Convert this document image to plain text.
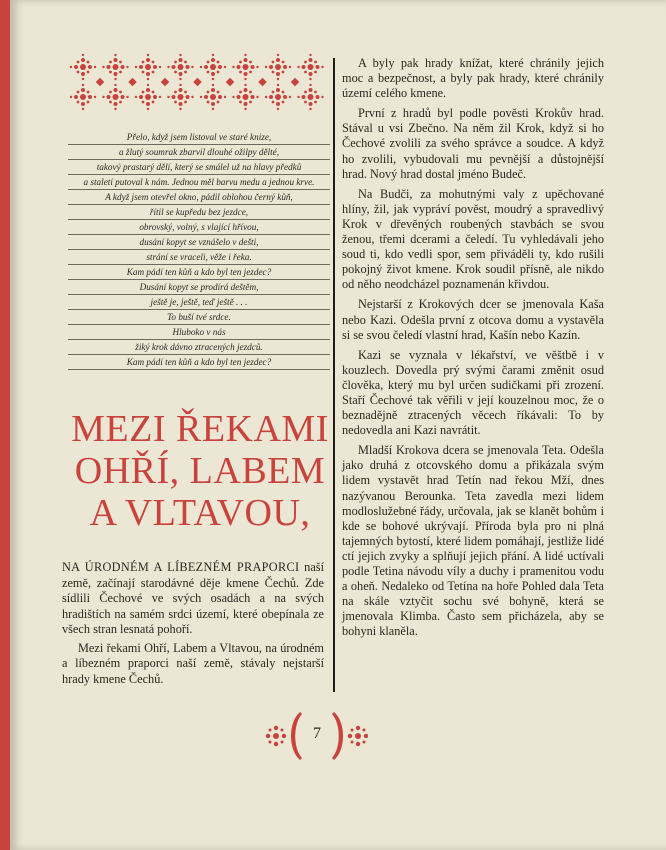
Přelo, když jsem listoval ve staré knize,
a žlutý soumrak zbarvil dlouhé ožilpy dělté,
takový prastarý dělí, který se smálel už na hlavy předků
a staletí putoval k nám. Jednou měl barvu medu a jednou krve.
A když jsem otevřel okno, pádil oblohou černý kůň,
řítil se kupředu bez jezdce,
obrovský, volný, s vlající hřívou,
dusání kopyt se vznášelo v dešti,
strání se vraceli, věže i řeka.
Kam pádí ten kůň a kdo byl ten jezdec?
Dusání kopyt se prodírá deštěm,
ještě je, ještě, teď ještě . . .
To buší tvé srdce.
Hluboko v nás
žiký krok dávno ztracených jezdců.
Kam pádí ten kůň a kdo byl ten jezdec?
MEZI ŘEKAMI
OHŘÍ, LABEM
A VLTAVOU,

NA ÚRODNÉM A LÍBEZNÉM PRAPORCI naší země, začínají starodávné děje kmene Čechů. Zde sídlili Čechové ve svých osadách a na svých hradištích na samém srdci území, které obepínala ze všech stran lesnatá pohoří.

Mezi řekami Ohří, Labem a Vltavou, na úrodném a líbezném praporci naší země, stávaly nejstarší hrady kmene Čechů.

A byly pak hrady knížat, které chránily jejich moc a bezpečnost, a byly pak hrady, které chránily území celého kmene.

První z hradů byl podle pověsti Krokův hrad. Stával u vsi Zbečno. Na něm žil Krok, když si ho Čechové zvolili za svého správce a soudce. A když ho zvolili, vybudovali mu pevnější a důstojnější hrad. Nový hrad dostal jméno Budeč.

Na Budči, za mohutnými valy z upěchované hlíny, žil, jak vypráví pověst, moudrý a spravedlivý Krok v dřevěných roubených stavbách se svou ženou, třemi dcerami a čeledí. Tu vyhledávali jeho soud ti, kdo vedli spor, sem přiváděli ty, kdo rušili pokojný život kmene. Krok soudil přísně, ale nikdo od něho neodcházel poznamenán křivdou.

Nejstarší z Krokových dcer se jmenovala Kaša nebo Kazi. Odešla první z otcova domu a vystavěla si se svou čeledí vlastní hrad, Kašín nebo Kazín.

Kazi se vyznala v lékařství, ve věštbě i v kouzlech. Dovedla prý svými čarami změnit osud člověka, který mu byl určen sudičkami při zrození. Staří Čechové tak věřili v její kouzelnou moc, že o beznadějně ztracených věcech říkávali: To by nedovedla ani Kazi navrátit.

Mladší Krokova dcera se jmenovala Teta. Odešla jako druhá z otcovského domu a přikázala svým lidem vystavět hrad Tetín nad řekou Mží, dnes nazývanou Berounka. Teta zavedla mezi lidem modloslužebné řády, určovala, jak se klanět bohům i kde se bohové ukrývají. Příroda byla pro ni plná tajemných bytostí, které lidem pomáhají, jestliže lidé ctí jejich zvyky a splňují jejich přání. A lidé uctívali podle Tetina návodu víly a duchy i pramenitou vodu a oheň. Nedaleko od Tetína na hoře Pohled dala Teta na skále vztyčit sochu své bohyně, která se jmenovala Klimba. Často sem přicházela, aby se bohyni klaněla.

7
